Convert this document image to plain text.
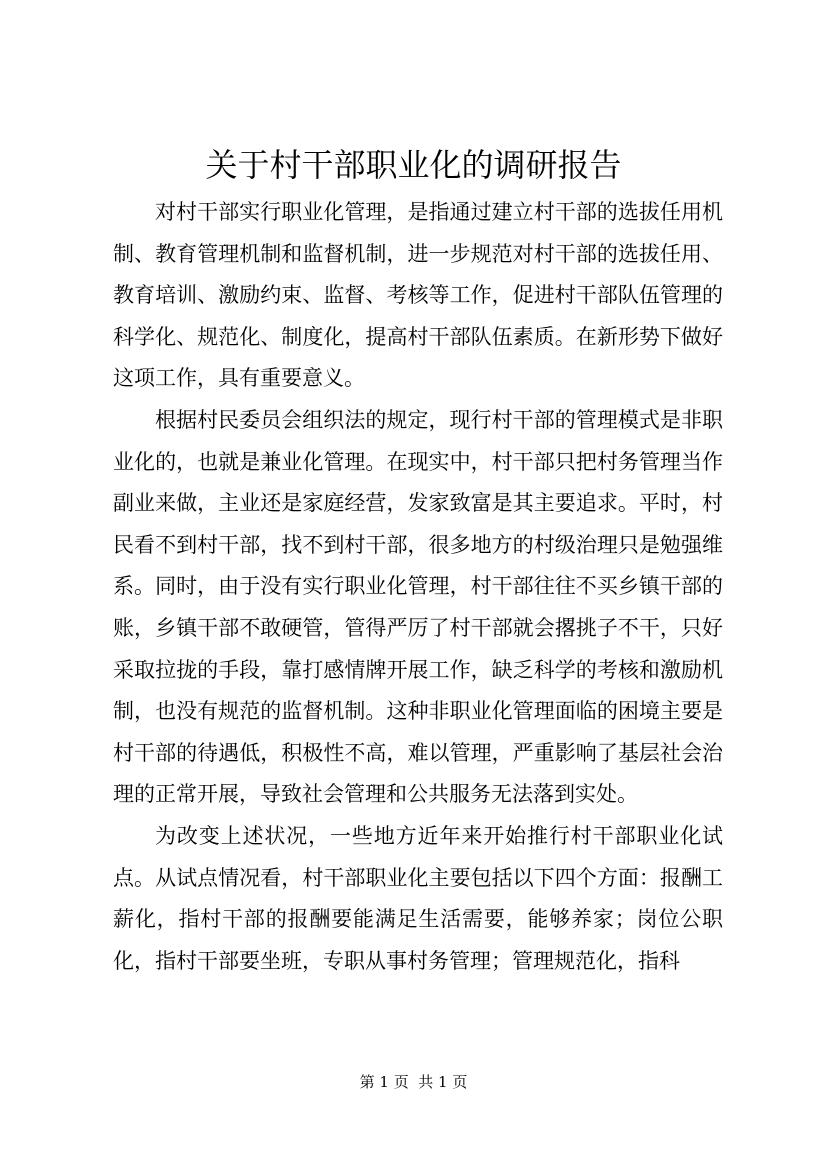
关于村干部职业化的调研报告

对村干部实行职业化管理，是指通过建立村干部的选拔任用机制、教育管理机制和监督机制，进一步规范对村干部的选拔任用、教育培训、激励约束、监督、考核等工作，促进村干部队伍管理的科学化、规范化、制度化，提高村干部队伍素质。在新形势下做好这项工作，具有重要意义。

根据村民委员会组织法的规定，现行村干部的管理模式是非职业化的，也就是兼业化管理。在现实中，村干部只把村务管理当作副业来做，主业还是家庭经营，发家致富是其主要追求。平时，村民看不到村干部，找不到村干部，很多地方的村级治理只是勉强维系。同时，由于没有实行职业化管理，村干部往往不买乡镇干部的账，乡镇干部不敢硬管，管得严厉了村干部就会撂挑子不干，只好采取拉拢的手段，靠打感情牌开展工作，缺乏科学的考核和激励机制，也没有规范的监督机制。这种非职业化管理面临的困境主要是村干部的待遇低，积极性不高，难以管理，严重影响了基层社会治理的正常开展，导致社会管理和公共服务无法落到实处。

为改变上述状况，一些地方近年来开始推行村干部职业化试点。从试点情况看，村干部职业化主要包括以下四个方面：报酬工薪化，指村干部的报酬要能满足生活需要，能够养家；岗位公职化，指村干部要坐班，专职从事村务管理；管理规范化，指科

第 1 页  共 1 页
